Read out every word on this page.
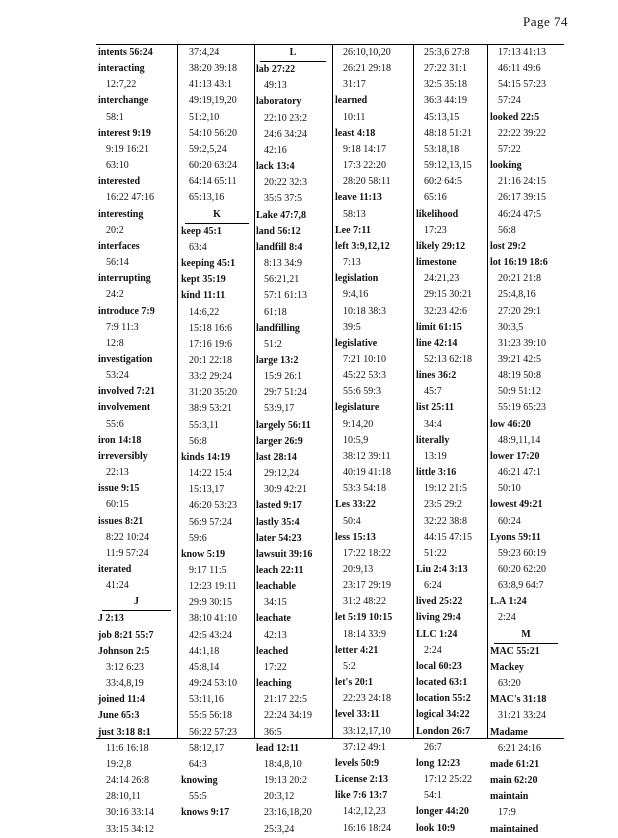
Page 74
intents 56:24
interacting
12:7,22
interchange
58:1
interest 9:19
9:19 16:21
63:10
interested
16:22 47:16
interesting
20:2
interfaces
56:14
interrupting
24:2
introduce 7:9
7:9 11:3
12:8
investigation
53:24
involved 7:21
involvement
55:6
iron 14:18
irreversibly
22:13
issue 9:15
60:15
issues 8:21
8:22 10:24
11:9 57:24
iterated
41:24
J
J 2:13
job 8:21 55:7
Johnson 2:5
3:12 6:23
33:4,8,19
joined 11:4
June 65:3
just 3:18 8:1
11:6 16:18
19:2,8
24:14 26:8
28:10,11
30:16 33:14
33:15 34:12
37:4,24
38:20 39:18
41:13 43:1
49:19,19,20
51:2,10
54:10 56:20
59:2,5,24
60:20 63:24
64:14 65:11
65:13,16
K
keep 45:1
63:4
keeping 45:1
kept 35:19
kind 11:11
14:6,22
15:18 16:6
17:16 19:6
20:1 22:18
33:2 29:24
31:20 35:20
38:9 53:21
55:3,11
56:8
kinds 14:19
14:22 15:4
15:13,17
46:20 53:23
56:9 57:24
59:6
know 5:19
9:17 11:5
12:23 19:11
29:9 30:15
38:10 41:10
42:5 43:24
44:1,18
45:8,14
49:24 53:10
53:11,16
55:5 56:18
56:22 57:23
58:12,17
64:3
knowing
55:5
knows 9:17
L
lab 27:22
49:13
laboratory
22:10 23:2
24:6 34:24
42:16
lack 13:4
20:22 32:3
35:5 37:5
Lake 47:7,8
land 56:12
landfill 8:4
8:13 34:9
56:21,21
57:1 61:13
61:18
landfilling
51:2
large 13:2
15:9 26:1
29:7 51:24
53:9,17
largely 56:11
larger 26:9
last 28:14
29:12,24
30:9 42:21
lasted 9:17
lastly 35:4
later 54:23
lawsuit 39:16
leach 22:11
leachable
34:15
leachate
42:13
leached
17:22
leaching
21:17 22:5
22:24 34:19
36:5
lead 12:11
18:4,8,10
19:13 20:2
20:3,12
23:16,18,20
25:3,24
26:10,10,20
26:21 29:18
31:17
learned
10:11
least 4:18
9:18 14:17
17:3 22:20
28:20 58:11
leave 11:13
58:13
Lee 7:11
left 3:9,12,12
7:13
legislation
9:4,16
10:18 38:3
39:5
legislative
7:21 10:10
45:22 53:3
55:6 59:3
legislature
9:14,20
10:5,9
38:12 39:11
40:19 41:18
53:3 54:18
Les 33:22
50:4
less 15:13
17:22 18:22
20:9,13
23:17 29:19
31:2 48:22
let 5:19 10:15
18:14 33:9
letter 4:21
5:2
let's 20:1
22:23 24:18
level 33:11
33:12,17,10
37:12 49:1
levels 50:9
License 2:13
like 7:6 13:7
14:2,12,23
16:16 18:24
25:3,6 27:8
27:22 31:1
32:5 35:18
36:3 44:19
45:13,15
48:18 51:21
53:18,18
59:12,13,15
60:2 64:5
65:16
likelihood
17:23
likely 29:12
limestone
24:21,23
29:15 30:21
32:23 42:6
limit 61:15
line 42:14
52:13 62:18
lines 36:2
45:7
list 25:11
34:4
literally
13:19
little 3:16
19:12 21:5
23:5 29:2
32:22 38:8
44:15 47:15
51:22
Liu 2:4 3:13
6:24
lived 25:22
living 29:4
LLC 1:24
2:24
local 60:23
located 63:1
location 55:2
logical 34:22
London 26:7
26:7
long 12:23
17:12 25:22
54:1
longer 44:20
look 10:9
17:13 41:13
46:11 49:6
54:15 57:23
57:24
looked 22:5
22:22 39:22
57:22
looking
21:16 24:15
26:17 39:15
46:24 47:5
56:8
lost 29:2
lot 16:19 18:6
20:21 21:8
25:4,8,16
27:20 29:1
30:3,5
31:23 39:10
39:21 42:5
48:19 50:8
50:9 51:12
55:19 65:23
low 46:20
48:9,11,14
lower 17:20
46:21 47:1
50:10
lowest 49:21
60:24
Lyons 59:11
59:23 60:19
60:20 62:20
63:8,9 64:7
L.A 1:24
2:24
M
MAC 55:21
Mackey
63:20
MAC's 31:18
31:21 33:24
Madame
6:21 24:16
made 61:21
main 62:20
maintain
17:9
maintained
